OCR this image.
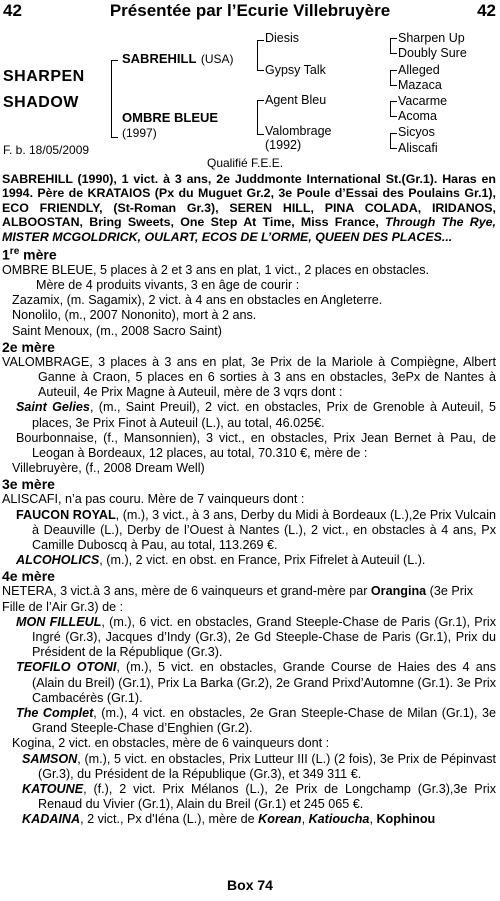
42	Présentée par l’Ecurie Villebruyère	42
SHARPEN
SHADOW
F. b. 18/05/2009
SABREHILL (USA)
OMBRE BLEUE
(1997)
Diesis
Gypsy Talk
Agent Bleu
Valombrage
(1992)
Sharpen Up
Doubly Sure
Alleged
Mazaca
Vacarme
Acoma
Sicyos
Aliscafi
Qualifié F.E.E.

SABREHILL (1990), 1 vict. à 3 ans, 2e Juddmonte International St.(Gr.1). Haras en 1994. Père de KRATAIOS (Px du Muguet Gr.2, 3e Poule d’Essai des Poulains Gr.1), ECO FRIENDLY, (St-Roman Gr.3), SEREN HILL, PINA COLADA, IRIDANOS, ALBOOSTAN, Bring Sweets, One Step At Time, Miss France, Through The Rye, MISTER MCGOLDRICK, OULART, ECOS DE L’ORME, QUEEN DES PLACES...

1re mère

OMBRE BLEUE, 5 places à 2 et 3 ans en plat, 1 vict., 2 places en obstacles.

Mère de 4 produits vivants, 3 en âge de courir :

Zazamix, (m. Sagamix), 2 vict. à 4 ans en obstacles en Angleterre.

Nonolilo, (m., 2007 Nononito), mort à 2 ans.

Saint Menoux, (m., 2008 Sacro Saint)

2e mère

VALOMBRAGE, 3 places à 3 ans en plat, 3e Prix de la Mariole à Compiègne, Albert Ganne à Craon, 5 places en 6 sorties à 3 ans en obstacles, 3ePx de Nantes à Auteuil, 4e Prix Magne à Auteuil, mère de 3 vqrs dont :

Saint Gelies, (m., Saint Preuil), 2 vict. en obstacles, Prix de Grenoble à Auteuil, 5 places, 3e Prix Finot à Auteuil (L.), au total, 46.025€.

Bourbonnaise, (f., Mansonnien), 3 vict., en obstacles, Prix Jean Bernet à Pau, de Leogan à Bordeaux, 12 places, au total, 70.310 €, mère de :

Villebruyère, (f., 2008 Dream Well)

3e mère

ALISCAFI, n’a pas couru. Mère de 7 vainqueurs dont :

FAUCON ROYAL, (m.), 3 vict., à 3 ans, Derby du Midi à Bordeaux (L.),2e Prix Vulcain à Deauville (L.), Derby de l’Ouest à Nantes (L.), 2 vict., en obstacles à 4 ans, Px Camille Duboscq à Pau, au total, 113.269 €.

ALCOHOLICS, (m.), 2 vict. en obst. en France, Prix Fifrelet à Auteuil (L.).

4e mère

NETERA, 3 vict.à 3 ans, mère de 6 vainqueurs et grand-mère par Orangina (3e Prix Fille de l’Air Gr.3) de :

MON FILLEUL, (m.), 6 vict. en obstacles, Grand Steeple-Chase de Paris (Gr.1), Prix Ingré (Gr.3), Jacques d’Indy (Gr.3), 2e Gd Steeple-Chase de Paris (Gr.1), Prix du Président de la République (Gr.3).

TEOFILO OTONI, (m.), 5 vict. en obstacles, Grande Course de Haies des 4 ans (Alain du Breil) (Gr.1), Prix La Barka (Gr.2), 2e Grand Prixd’Automne (Gr.1). 3e Prix Cambacérès (Gr.1).

The Complet, (m.), 4 vict. en obstacles, 2e Gran Steeple-Chase de Milan (Gr.1), 3e Grand Steeple-Chase d’Enghien (Gr.2).

Kogina, 2 vict. en obstacles, mère de 6 vainqueurs dont :

SAMSON, (m.), 5 vict. en obstacles, Prix Lutteur III (L.) (2 fois), 3e Prix de Pépinvast (Gr.3), du Président de la République (Gr.3), et 349 311 €.

KATOUNE, (f.), 2 vict. Prix Mélanos (L.), 2e Prix de Longchamp (Gr.3),3e Prix Renaud du Vivier (Gr.1), Alain du Breil (Gr.1) et 245 065 €.

KADAINA, 2 vict., Px d'Iéna (L.), mère de Korean, Katioucha, Kophinou

Box 74
